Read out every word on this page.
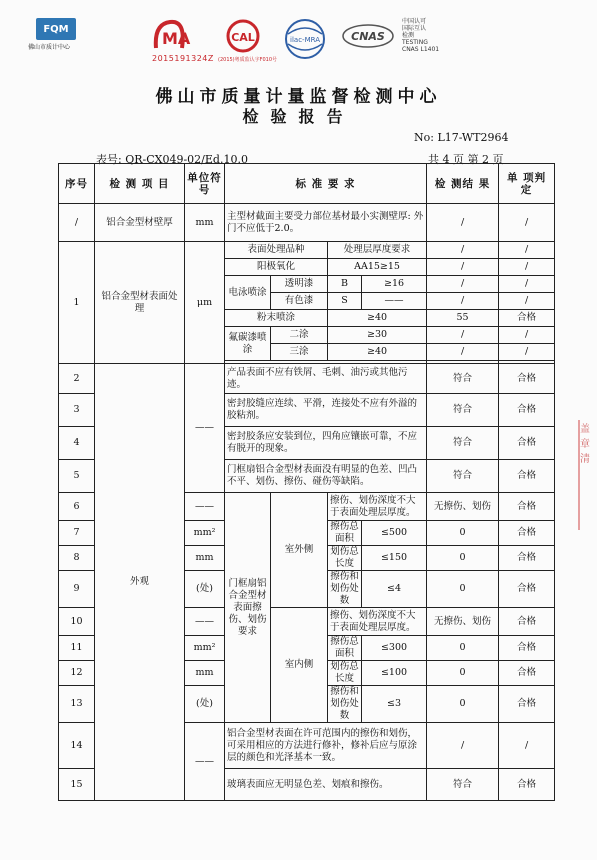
FQM
佛山市质计中心	MA
2015191324Z
CAL
(2015)粤质监认字F010号
ilac-MRA	CNAS
中国认可
国际互认
检测
TESTING
CNAS L1401
佛山市质量计量监督检测中心
检验报告
No: L17-WT2964
表号: QR-CX049-02/Ed.10.0	共 4 页 第 2 页
序号	检 测 项 目	单位符号	标 准 要 求				检 测结 果	单 项判 定
/	铝合金型材壁厚	mm	主型材截面主要受力部位基材最小实测壁厚: 外门不应低于2.0。				/	/
1	铝合金型材表面处理	μm	表面处理品种		处理层厚度要求		/	/
			阳极氧化		AA15≥15		/	/
			电泳喷涂	透明漆	B	≥16	/	/
				有色漆	S	——	/	/
			粉末喷涂		≥40		55	合格
			氟碳漆喷涂	二涂	≥30		/	/
				三涂	≥40		/	/

2	外观	——	产品表面不应有铁屑、毛刺、油污或其他污迹。				符合	合格
3			密封胶缝应连续、平滑，连接处不应有外溢的胶粘剂。				符合	合格
4			密封胶条应安装到位，四角应镶嵌可靠，不应有脱开的现象。				符合	合格
5			门框扇铝合金型材表面没有明显的色差、凹凸不平、划伤、擦伤、碰伤等缺陷。				符合	合格
6		——	门框扇铝合金型材表面擦伤、划伤要求	室外侧	擦伤、划伤深度不大于表面处理层厚度。		无擦伤、划伤	合格
7		mm²			擦伤总面积	≤500	0	合格
8		mm			划伤总长度	≤150	0	合格
9		(处)			擦伤和划伤处数	≤4	0	合格
10		——		室内侧	擦伤、划伤深度不大于表面处理层厚度。		无擦伤、划伤	合格
11		mm²			擦伤总面积	≤300	0	合格
12		mm			划伤总长度	≤100	0	合格
13		(处)			擦伤和划伤处数	≤3	0	合格
14		——	铝合金型材表面在许可范围内的擦伤和划伤，可采用相应的方法进行修补，修补后应与原涂层的颜色和光泽基本一致。				/	/
15			玻璃表面应无明显色差、划痕和擦伤。				符合	合格
盖 章 清
